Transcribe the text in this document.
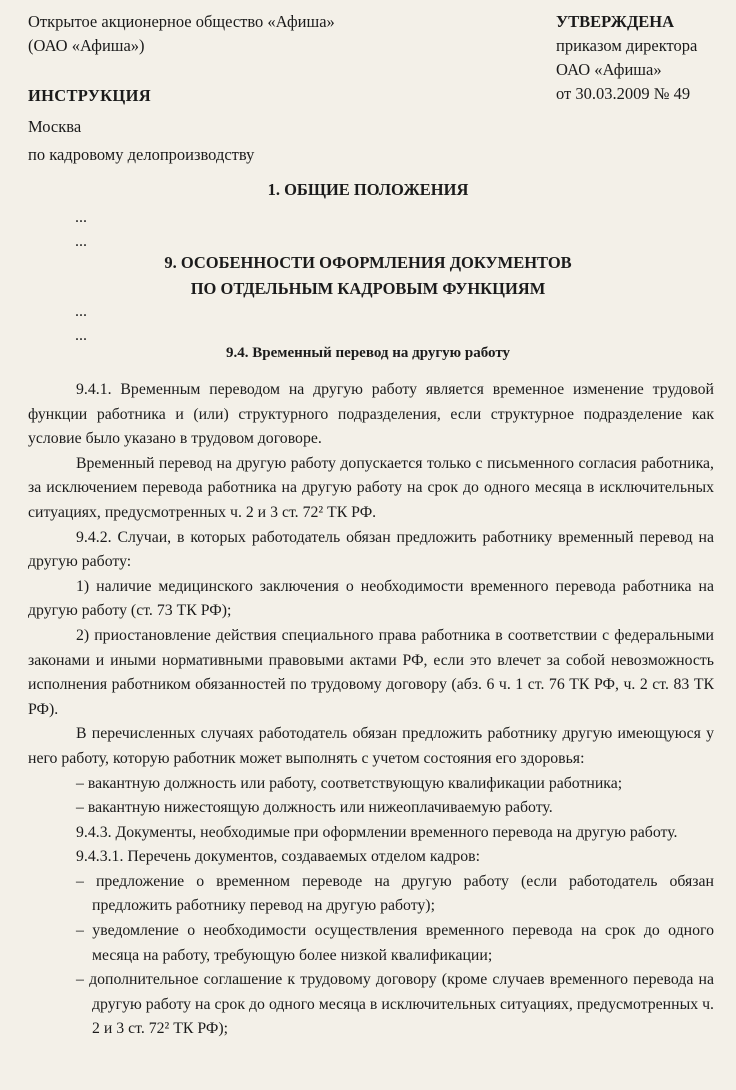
Открытое акционерное общество «Афиша»
(ОАО «Афиша»)
УТВЕРЖДЕНА
приказом директора
ОАО «Афиша»
от 30.03.2009 № 49
ИНСТРУКЦИЯ
Москва
по кадровому делопроизводству
1. ОБЩИЕ ПОЛОЖЕНИЯ
...
...
9. ОСОБЕННОСТИ ОФОРМЛЕНИЯ ДОКУМЕНТОВ
ПО ОТДЕЛЬНЫМ КАДРОВЫМ ФУНКЦИЯМ
...
...
9.4. Временный перевод на другую работу

9.4.1. Временным переводом на другую работу является временное изменение трудовой функции работника и (или) структурного подразделения, если структурное подразделение как условие было указано в трудовом договоре.

Временный перевод на другую работу допускается только с письменного согласия работника, за исключением перевода работника на другую работу на срок до одного месяца в исключительных ситуациях, предусмотренных ч. 2 и 3 ст. 72² ТК РФ.

9.4.2. Случаи, в которых работодатель обязан предложить работнику временный перевод на другую работу:

1) наличие медицинского заключения о необходимости временного перевода работника на другую работу (ст. 73 ТК РФ);

2) приостановление действия специального права работника в соответствии с федеральными законами и иными нормативными правовыми актами РФ, если это влечет за собой невозможность исполнения работником обязанностей по трудовому договору (абз. 6 ч. 1 ст. 76 ТК РФ, ч. 2 ст. 83 ТК РФ).

В перечисленных случаях работодатель обязан предложить работнику другую имеющуюся у него работу, которую работник может выполнять с учетом состояния его здоровья:

– вакантную должность или работу, соответствующую квалификации работника;

– вакантную нижестоящую должность или нижеоплачиваемую работу.

9.4.3. Документы, необходимые при оформлении временного перевода на другую работу.

9.4.3.1. Перечень документов, создаваемых отделом кадров:

– предложение о временном переводе на другую работу (если работодатель обязан предложить работнику перевод на другую работу);

– уведомление о необходимости осуществления временного перевода на срок до одного месяца на работу, требующую более низкой квалификации;

– дополнительное соглашение к трудовому договору (кроме случаев временного перевода на другую работу на срок до одного месяца в исключительных ситуациях, предусмотренных ч. 2 и 3 ст. 72² ТК РФ);
